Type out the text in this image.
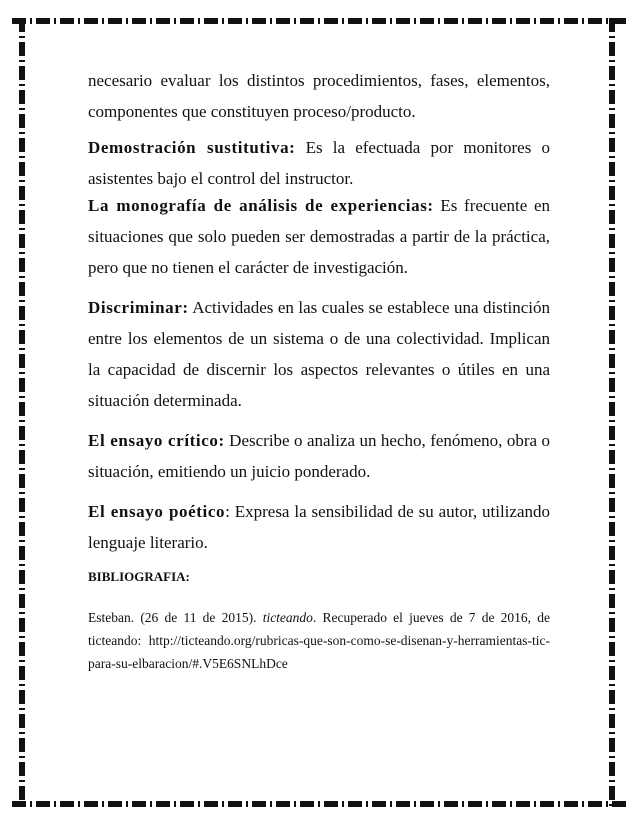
necesario evaluar los distintos procedimientos, fases, elementos, componentes que constituyen proceso/producto.

Demostración sustitutiva: Es la efectuada por monitores o asistentes bajo el control del instructor.

La monografía de análisis de experiencias: Es frecuente en situaciones que solo pueden ser demostradas a partir de la práctica, pero que no tienen el carácter de investigación.

Discriminar: Actividades en las cuales se establece una distinción entre los elementos de un sistema o de una colectividad. Implican la capacidad de discernir los aspectos relevantes o útiles en una situación determinada.

El ensayo crítico: Describe o analiza un hecho, fenómeno, obra o situación, emitiendo un juicio ponderado.

El ensayo poético: Expresa la sensibilidad de su autor, utilizando lenguaje literario.

BIBLIOGRAFIA:

Esteban. (26 de 11 de 2015). ticteando. Recuperado el jueves de 7 de 2016, de ticteando: http://ticteando.org/rubricas-que-son-como-se-disenan-y-herramientas-tic-para-su-elbaracion/#.V5E6SNLhDce
